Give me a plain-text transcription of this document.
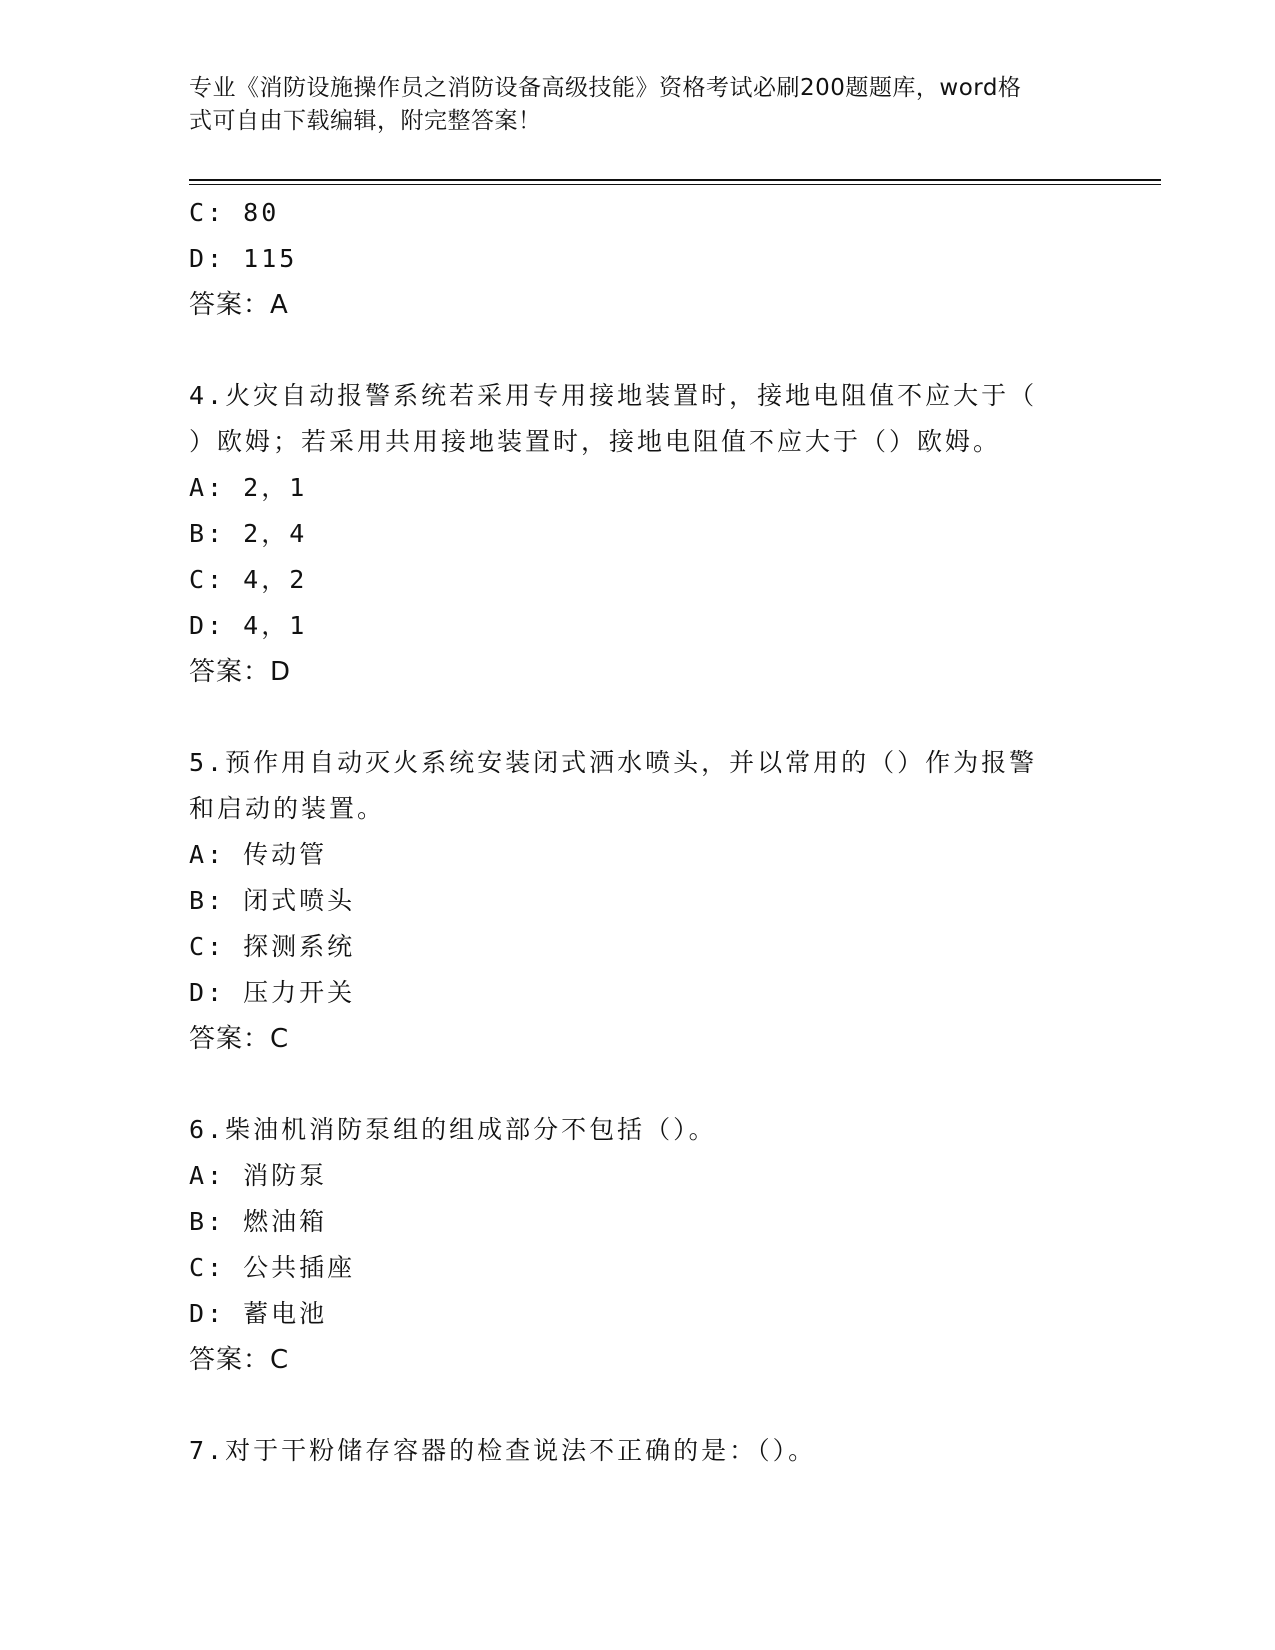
专业《消防设施操作员之消防设备高级技能》资格考试必刷200题题库，word格
式可自由下载编辑，附完整答案！
C: 80
D: 115
答案：A
4.火灾自动报警系统若采用专用接地装置时，接地电阻值不应大于（
）欧姆；若采用共用接地装置时，接地电阻值不应大于（）欧姆。
A: 2，1
B: 2，4
C: 4，2
D: 4，1
答案：D
5.预作用自动灭火系统安装闭式洒水喷头，并以常用的（）作为报警
和启动的装置。
A: 传动管
B: 闭式喷头
C: 探测系统
D: 压力开关
答案：C
6.柴油机消防泵组的组成部分不包括（）。
A: 消防泵
B: 燃油箱
C: 公共插座
D: 蓄电池
答案：C
7.对于干粉储存容器的检查说法不正确的是：（）。
